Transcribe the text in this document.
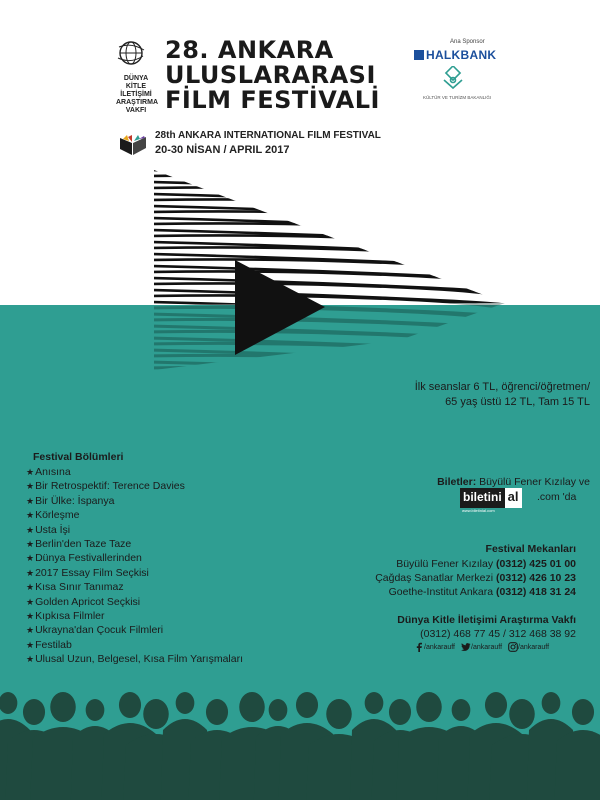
DÜNYA
KİTLE
İLETİŞİMİ
ARAŞTIRMA
VAKFI
28. ANKARA
ULUSLARARASI
FİLM FESTİVALİ
28th ANKARA INTERNATIONAL FILM FESTIVAL
20-30 NİSAN / APRIL 2017
Ana Sponsor
HALKBANK
KÜLTÜR VE TURİZM BAKANLIĞI
İlk seanslar 6 TL, öğrenci/öğretmen/
65 yaş üstü 12 TL, Tam 15 TL
Festival Bölümleri
★Anısına
★Bir Retrospektif: Terence Davies
★Bir Ülke: İspanya
★Körleşme
★Usta İşi
★Berlin'den Taze Taze
★Dünya Festivallerinden
★2017 Essay Film Seçkisi
★Kısa Sınır Tanımaz
★Golden Apricot Seçkisi
★Kıpkısa Filmler
★Ukrayna'dan Çocuk Filmleri
★Festilab
★Ulusal Uzun, Belgesel, Kısa Film Yarışmaları
Biletler: Büyülü Fener Kızılay ve
biletini al
www.biletinial.com
.com 'da
Festival Mekanları
Büyülü Fener Kızılay (0312) 425 01 00
Çağdaş Sanatlar Merkezi (0312) 426 10 23
Goethe-Institut Ankara (0312) 418 31 24
Dünya Kitle İletişimi Araştırma Vakfı
(0312) 468 77 45 / 312 468 38 92
/ankarauff	/ankarauff	/ankarauff
